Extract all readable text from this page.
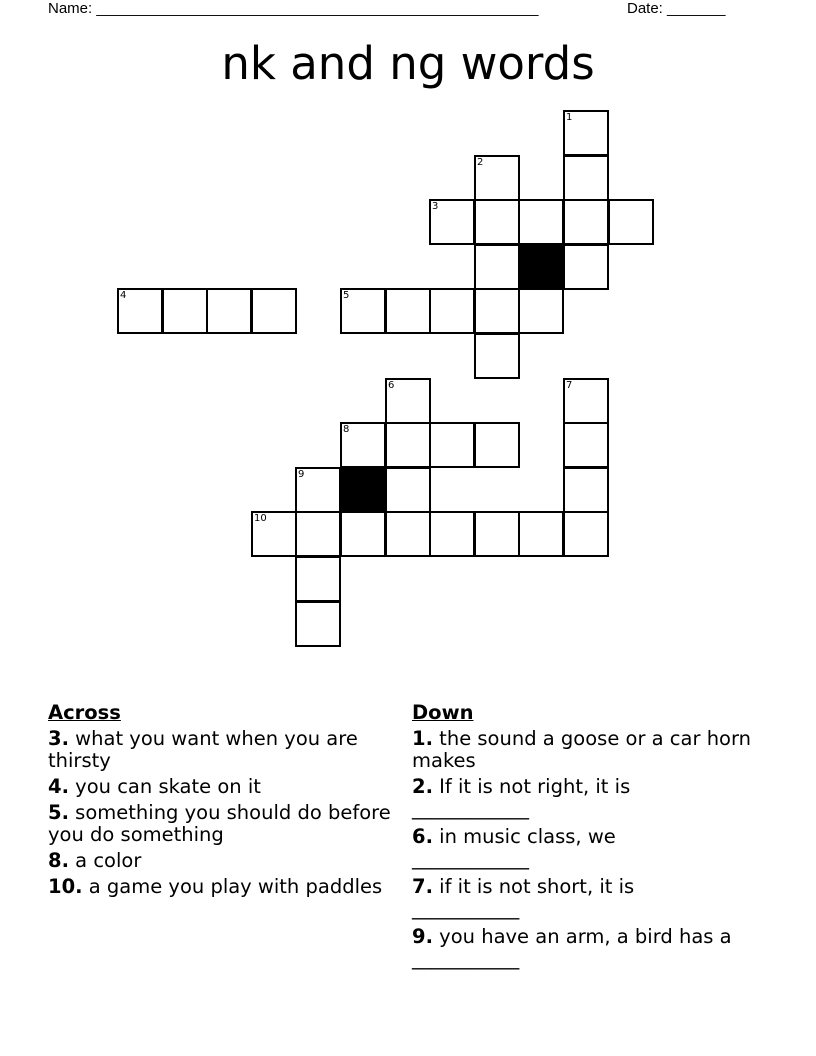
Name: _____________________________________________________	Date: _______
nk and ng words
1
2
3
4	5
6	7
8
9
10
Across
3. what you want when you are thirsty
4. you can skate on it
5. something you should do before you do something
8. a color
10. a game you play with paddles
Down
1. the sound a goose or a car horn makes
2. If it is not right, it is
____________
6. in music class, we
____________
7. if it is not short, it is
___________
9. you have an arm, a bird has a
___________
